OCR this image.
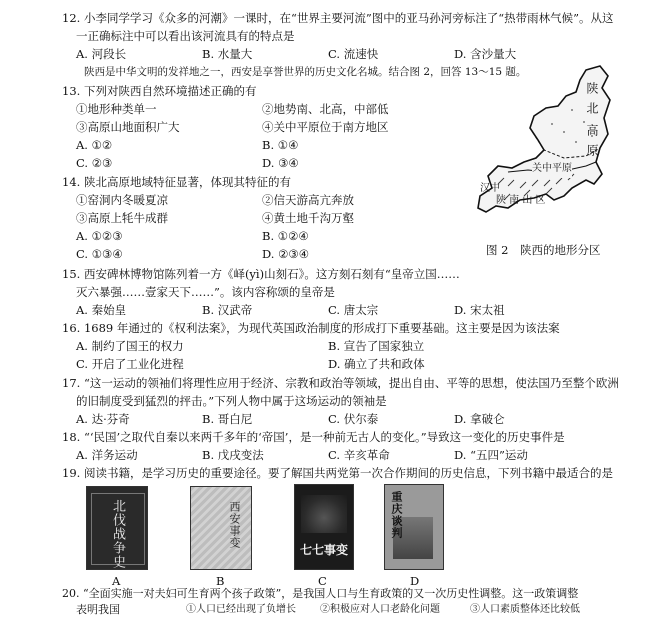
12. 小李同学学习《众多的河潮》一课时，在“世界主要河流”图中的亚马孙河旁标注了“热带雨林气候”。从这
一正确标注中可以看出该河流具有的特点是
A. 河段长	B. 水量大	C. 流速快	D. 含沙量大
陕西是中华文明的发祥地之一，西安是享誉世界的历史文化名城。结合图 2，回答 13～15 题。
13. 下列对陕西自然环境描述正确的有
①地形种类单一	②地势南、北高，中部低
③高原山地面积广大	④关中平原位于南方地区
A. ①②	B. ①④
C. ②③	D. ③④
14. 陕北高原地域特征显著，体现其特征的有
①窑洞内冬暖夏凉	②信天游高亢奔放
③高原上牦牛成群	④黄土地千沟万壑
A. ①②③	B. ①②④
C. ①③④	D. ②③④
陕
北
高
原
关中平原
汉中
陕 南 山 区
图 2　陕西的地形分区
15. 西安碑林博物馆陈列着一方《峄(yì)山刻石》。这方刻石刻有“皇帝立国……
灭六暴强……壹家天下……”。该内容称颂的皇帝是
A. 秦始皇	B. 汉武帝	C. 唐太宗	D. 宋太祖
16. 1689 年通过的《权利法案》，为现代英国政治制度的形成打下重要基础。这主要是因为该法案
A. 制约了国王的权力	B. 宣告了国家独立
C. 开启了工业化进程	D. 确立了共和政体
17. “这一运动的领袖们将理性应用于经济、宗教和政治等领域，提出自由、平等的思想，使法国乃至整个欧洲
的旧制度受到猛烈的抨击。”下列人物中属于这场运动的领袖是
A. 达·芬奇	B. 哥白尼	C. 伏尔泰	D. 拿破仑
18. “‘民国’之取代自秦以来两千多年的‘帝国’，是一种前无古人的变化。”导致这一变化的历史事件是
A. 洋务运动	B. 戊戌变法	C. 辛亥革命	D. “五四”运动
19. 阅读书籍，是学习历史的重要途径。要了解国共两党第一次合作期间的历史信息，下列书籍中最适合的是
北伐战争史
A
西安事变
B
七七事变
C
重庆谈判
D
20. “全面实施一对夫妇可生育两个孩子政策”，是我国人口与生育政策的又一次历史性调整。这一政策调整
表明我国	①人口已经出现了负增长 ②积极应对人口老龄化问题	③人口素质整体还比较低
